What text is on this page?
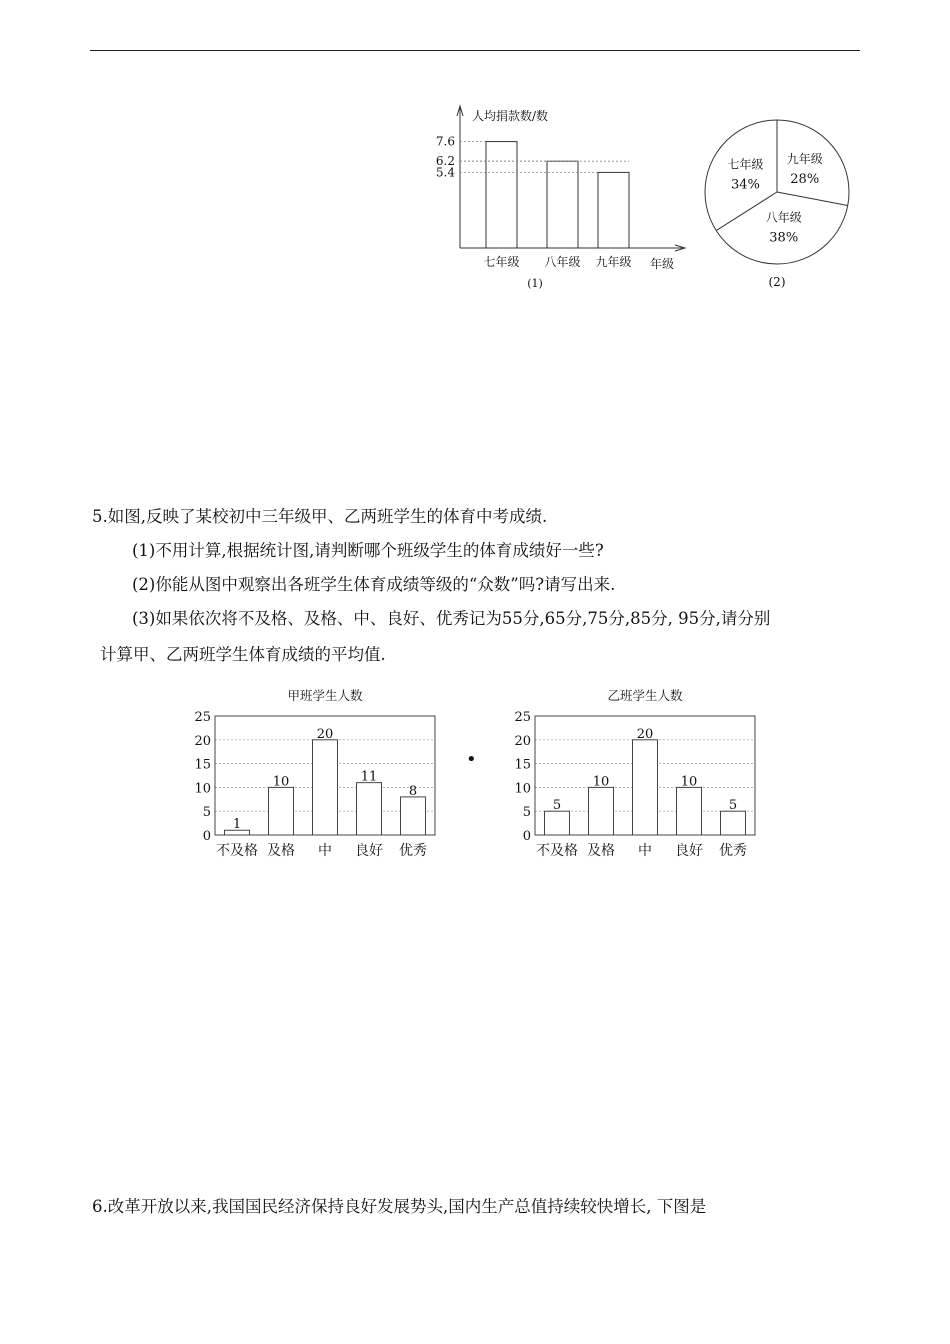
人均捐款数/数
年级
7.6
七年级
6.2
八年级
5.4
九年级
(1)
九年级
28%
八年级
38%
七年级
34%
(2)
5.如图,反映了某校初中三年级甲、乙两班学生的体育中考成绩.
(1)不用计算,根据统计图,请判断哪个班级学生的体育成绩好一些?
(2)你能从图中观察出各班学生体育成绩等级的“众数”吗?请写出来.
(3)如果依次将不及格、及格、中、良好、优秀记为55分,65分,75分,85分, 95分,请分别
计算甲、乙两班学生体育成绩的平均值.
甲班学生人数
0
5
10
15
20
25
1
不及格
10
及格
20
中
11
良好
8
优秀
•
乙班学生人数
0
5
10
15
20
25
5
不及格
10
及格
20
中
10
良好
5
优秀
6.改革开放以来,我国国民经济保持良好发展势头,国内生产总值持续较快增长, 下图是
